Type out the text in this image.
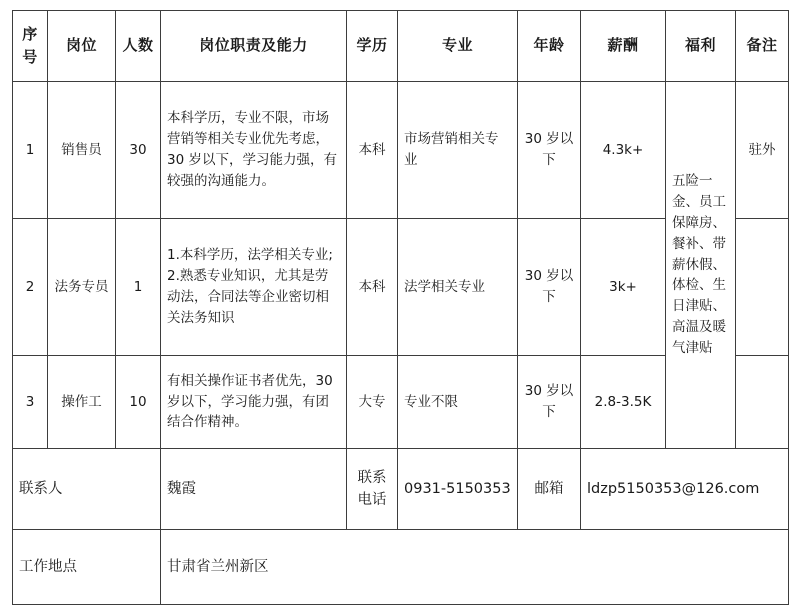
序号	岗位	人数	岗位职责及能力	学历	专业	年龄	薪酬	福利	备注
1	销售员	30	本科学历，专业不限，市场营销等相关专业优先考虑，30 岁以下，学习能力强，有较强的沟通能力。	本科	市场营销相关专业	30 岁以下	4.3k+	五险一金、员工保障房、餐补、带薪休假、体检、生日津贴、高温及暖气津贴	驻外
2	法务专员	1	1.本科学历，法学相关专业; 2.熟悉专业知识，尤其是劳动法，合同法等企业密切相关法务知识	本科	法学相关专业	30 岁以下	3k+		
3	操作工	10	有相关操作证书者优先，30 岁以下，学习能力强，有团结合作精神。	大专	专业不限	30 岁以下	2.8-3.5K		
联系人			魏霞	联系电话	0931-5150353	邮箱	ldzp5150353@126.com		
工作地点			甘肃省兰州新区						
